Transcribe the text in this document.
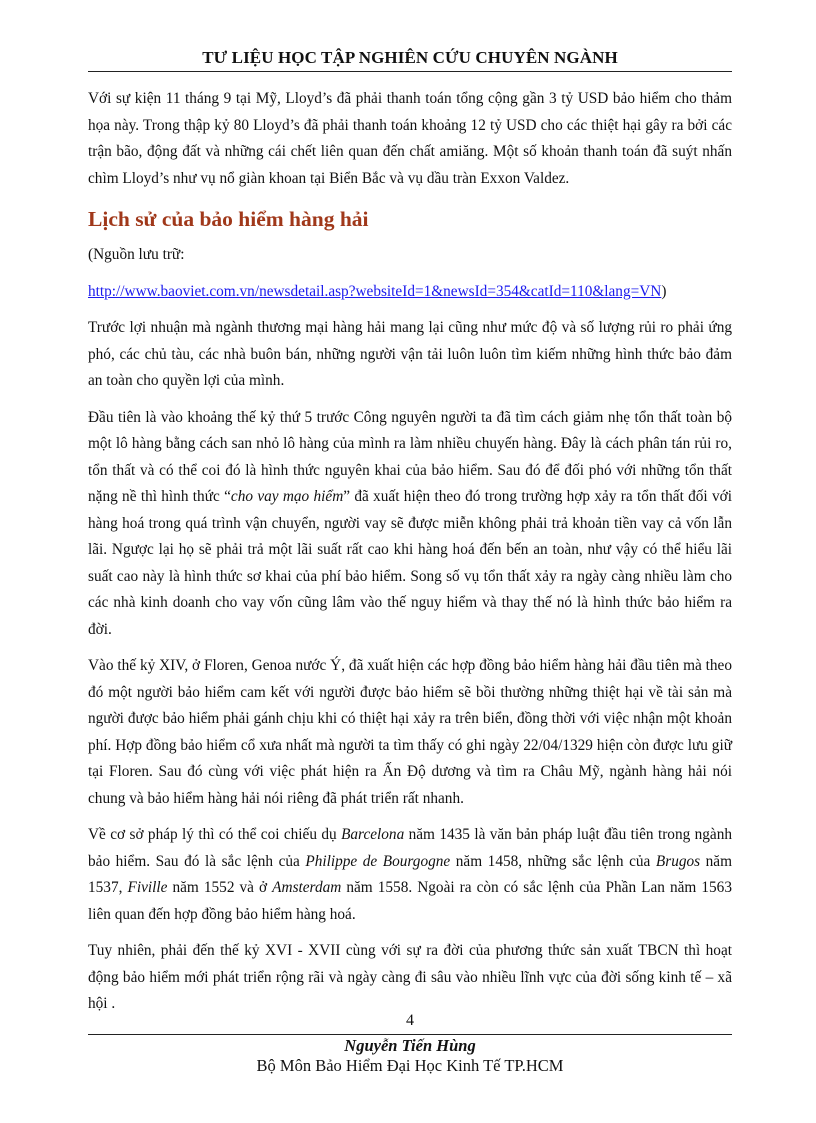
TƯ LIỆU HỌC TẬP NGHIÊN CỨU CHUYÊN NGÀNH

Với sự kiện 11 tháng 9 tại Mỹ, Lloyd’s đã phải thanh toán tổng cộng gần 3 tỷ USD bảo hiểm cho thảm họa này. Trong thập kỷ 80 Lloyd’s đã phải thanh toán khoảng 12 tỷ USD cho các thiệt hại gây ra bởi các trận bão, động đất và những cái chết liên quan đến chất amiăng. Một số khoản thanh toán đã suýt nhấn chìm Lloyd’s như vụ nổ giàn khoan tại Biển Bắc và vụ dầu tràn Exxon Valdez.

Lịch sử của bảo hiểm hàng hải

(Nguồn lưu trữ:

http://www.baoviet.com.vn/newsdetail.asp?websiteId=1&newsId=354&catId=110&lang=VN)

Trước lợi nhuận mà ngành thương mại hàng hải mang lại cũng như mức độ và số lượng rủi ro phải ứng phó, các chủ tàu, các nhà buôn bán, những người vận tải luôn luôn tìm kiếm những hình thức bảo đảm an toàn cho quyền lợi của mình.

Đầu tiên là vào khoảng thế kỷ thứ 5 trước Công nguyên người ta đã tìm cách giảm nhẹ tổn thất toàn bộ một lô hàng bằng cách san nhỏ lô hàng của mình ra làm nhiều chuyến hàng. Đây là cách phân tán rủi ro, tổn thất và có thể coi đó là hình thức nguyên khai của bảo hiểm. Sau đó để đối phó với những tổn thất nặng nề thì hình thức “cho vay mạo hiểm” đã xuất hiện theo đó trong trường hợp xảy ra tổn thất đối với hàng hoá trong quá trình vận chuyển, người vay sẽ được miễn không phải trả khoản tiền vay cả vốn lẫn lãi. Ngược lại họ sẽ phải trả một lãi suất rất cao khi hàng hoá đến bến an toàn, như vậy có thể hiểu lãi suất cao này là hình thức sơ khai của phí bảo hiểm. Song số vụ tổn thất xảy ra ngày càng nhiều làm cho các nhà kinh doanh cho vay vốn cũng lâm vào thế nguy hiểm và thay thế nó là hình thức bảo hiểm ra đời.

Vào thế kỷ XIV, ở Floren, Genoa nước Ý, đã xuất hiện các hợp đồng bảo hiểm hàng hải đầu tiên mà theo đó một người bảo hiểm cam kết với người được bảo hiểm sẽ bồi thường những thiệt hại về tài sản mà người được bảo hiểm phải gánh chịu khi có thiệt hại xảy ra trên biển, đồng thời với việc nhận một khoản phí. Hợp đồng bảo hiểm cổ xưa nhất mà người ta tìm thấy có ghi ngày 22/04/1329 hiện còn được lưu giữ tại Floren. Sau đó cùng với việc phát hiện ra Ấn Độ dương và tìm ra Châu Mỹ, ngành hàng hải nói chung và bảo hiểm hàng hải nói riêng đã phát triển rất nhanh.

Về cơ sở pháp lý thì có thể coi chiếu dụ Barcelona năm 1435 là văn bản pháp luật đầu tiên trong ngành bảo hiểm. Sau đó là sắc lệnh của Philippe de Bourgogne năm 1458, những sắc lệnh của Brugos năm 1537, Fiville năm 1552 và ở Amsterdam năm 1558. Ngoài ra còn có sắc lệnh của Phần Lan năm 1563 liên quan đến hợp đồng bảo hiểm hàng hoá.

Tuy nhiên, phải đến thế kỷ XVI - XVII cùng với sự ra đời của phương thức sản xuất TBCN thì hoạt động bảo hiểm mới phát triển rộng rãi và ngày càng đi sâu vào nhiều lĩnh vực của đời sống kinh tế – xã hội .

4
Nguyễn Tiến Hùng
Bộ Môn Bảo Hiểm Đại Học Kinh Tế TP.HCM
